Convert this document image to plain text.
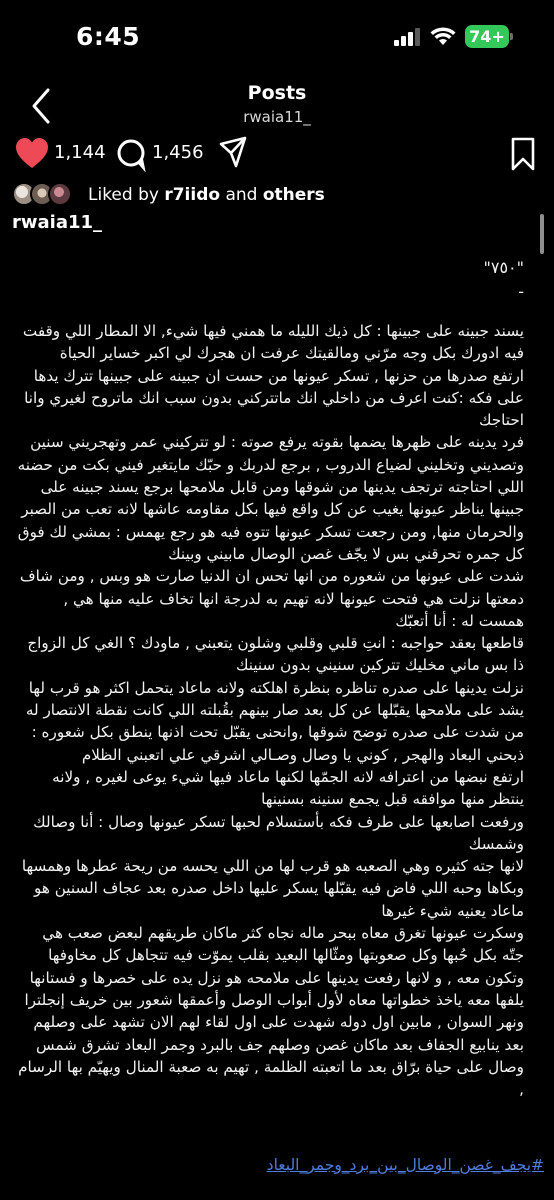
6:45	74+
Posts
rwaia11_
1,144	1,456
Liked by r7iido and others
rwaia11_

"٧٥٠"

-

يسند جبينه على جبينها : كل ذيك الليله ما همني فيها شيء, الا المطار اللي وقفت فيه ادورك بكل وجه مرّني ومالقيتك عرفت ان هجرك لي اكبر خساير الحياة

ارتفع صدرها من حزنها , تسكر عيونها من حست ان جبينه على جبينها تترك يدها على فكه :كنت اعرف من داخلي انك ماتتركني بدون سبب انك ماتروح لغيري وانا احتاجك

فرد يدينه على ظهرها يضمها بقوته يرفع صوته : لو تتركيني عمر وتهجريني سنين وتصديني وتخليني لضياع الدروب , برجع لدربك و حبّك مايتغير فيني بكت من حضنه اللي احتاجته ترتجف يدينها من شوقها ومن قابل ملامحها برجع يسند جبينه على جبينها يناظر عيونها يغيب عن كل واقع فيها بكل مقاومه عاشها لانه تعب من الصبر والحرمان منها, ومن رجعت تسكر عيونها تتوه فيه هو رجع يهمس : بمشي لك فوق كل جمره تحرقني بس لا يجّف غصن الوصال مابيني وبينك

شدت على عيونها من شعوره من انها تحس ان الدنيا صارت هو وبس , ومن شاف دمعتها نزلت هي فتحت عيونها لانه تهيم به لدرجة انها تخاف عليه منها هي , همست له : أنا أتعبّك

قاطعها بعقد حواجبه : انتِ قلبي وقلبي وشلون يتعبني , ماودك ؟ الغي كل الزواج ذا بس ماني مخليك تتركين سنيني بدون سنينك

نزلت يدينها على صدره تناظره بنظرة اهلكته ولانه ماعاد يتحمل اكثر هو قرب لها يشد على ملامحها يقبّلها عن كل بعد صار بينهم بقُبلته اللي كانت نقطة الانتصار له من شدت على صدره توضح شوقها ,وانحنى يقبّل تحت اذنها ينطق بكل شعوره : ذبحني البعاد والهجر , كوني يا وصال وصـالي اشرقي علي اتعبني الظلام

ارتفع نبضها من اعترافه لانه الجمّها لكنها ماعاد فيها شيء يوعى لغيره , ولانه ينتظر منها موافقه قبل يجمع سنينه بسنينها

ورفعت اصابعها على طرف فكه بأستسلام لحبها تسكر عيونها وصال : أنا وصالك وشمسك

لانها جته كثيره وهي الصعبه هو قرب لها من اللي يحسه من ريحة عطرها وهمسها وبكاها وحبه اللي فاض فيه يقبّلها يسكر عليها داخل صدره بعد عجاف السنين هو ماعاد يعنيه شيء غيرها

وسكرت عيونها تغرق معاه ببحر ماله نجاه كثر ماكان طريقهم لبعض صعب هي جتّه بكل حُبها وكل صعوبتها ومثّالها البعيد بقلب يموّت فيه تتجاهل كل مخاوفها وتكون معه , و لانها رفعت يدينها على ملامحه هو نزل يده على خصرها و فستانها يلفها معه ياخذ خطواتها معاه لأول أبواب الوصل وأعمقها شعور بين خريف إنجلترا ونهر السوان , مابين اول دوله شهدت على اول لقاء لهم الان تشهد على وصلهم بعد ينابيع الجفاف بعد ماكان غصن وصلهم جف بالبرد وجمر البعاد تشرق شمس وصال على حياة برّاق بعد ما اتعبته الظلمة , تهيم به صعبة المنال ويهيّم بها الرسام ,

#يجف_غصن_الوصال_بين_برد_وجمر_البعاد
